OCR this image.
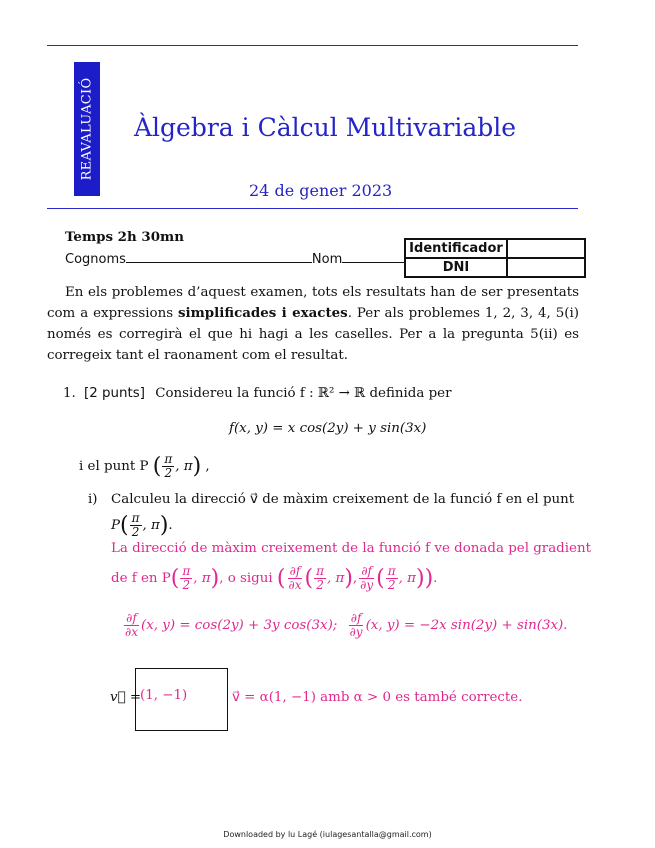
REAVALUACIÓ Àlgebra i Càlcul Multivariable
24 de gener 2023
Temps 2h 30mn
Cognoms	Nom
Identificador	
DNI	
En els problemes d’aquest examen, tots els resultats han de ser presentats com a expressions simplificades i exactes. Per als problemes 1, 2, 3, 4, 5(i) només es corregirà el que hi hagi a les caselles. Per a la pregunta 5(ii) es corregeix tant el raonament com el resultat.
1. [2 punts] Considereu la funció f : ℝ² → ℝ definida per
f(x, y) = x cos(2y) + y sin(3x)
i el punt P ( $\frac{\pi}{2}$ , π) ,
i) Calculeu la direcció v⃗ de màxim creixement de la funció f en el punt
$P( \frac{\pi}{2}$ , π).
La direcció de màxim creixement de la funció f ve donada pel gradient
de f en $P( \frac{\pi}{2}$ , π), o sigui ( $\frac{\partial f}{\partial x}$ ( $\frac{\pi}{2}$ , π), $\frac{\partial f}{\partial y}$ ( $\frac{\pi}{2}$ , π)).
$\frac{\partial f}{\partial x} (x$, y) = cos(2y) + 3y cos(3x); $\frac{\partial f}{\partial y} (x$, y) = −2x sin(2y) + sin(3x).
v⃗ =
(1, −1)	v⃗ = α(1, −1) amb α > 0 es també correcte.
Downloaded by lu Lagé (iulagesantalla@gmail.com)
